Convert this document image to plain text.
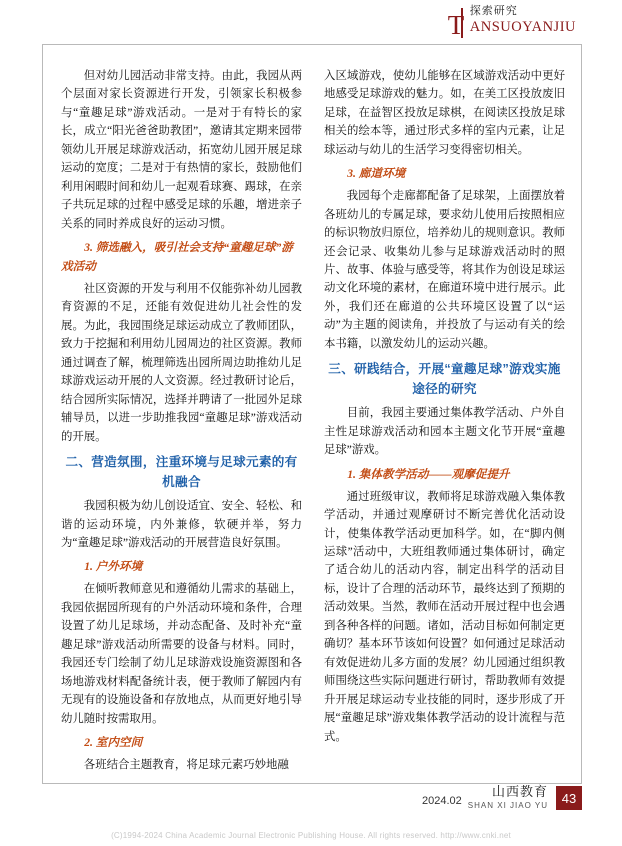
T 探索研究
ANSUOYANJIU

但对幼儿园活动非常支持。由此，我园从两个层面对家长资源进行开发，引领家长积极参与“童趣足球”游戏活动。一是对于有特长的家长，成立“阳光爸爸助教团”，邀请其定期来园带领幼儿开展足球游戏活动，拓宽幼儿园开展足球运动的宽度；二是对于有热情的家长，鼓励他们利用闲暇时间和幼儿一起观看球赛、踢球，在亲子共玩足球的过程中感受足球的乐趣，增进亲子关系的同时养成良好的运动习惯。

3. 筛选融入，吸引社会支持“童趣足球”游戏活动

社区资源的开发与利用不仅能弥补幼儿园教育资源的不足，还能有效促进幼儿社会性的发展。为此，我园围绕足球运动成立了教师团队，致力于挖掘和利用幼儿园周边的社区资源。教师通过调查了解，梳理筛选出园所周边助推幼儿足球游戏运动开展的人文资源。经过教研讨论后，结合园所实际情况，选择并聘请了一批园外足球辅导员，以进一步助推我园“童趣足球”游戏活动的开展。

二、营造氛围，注重环境与足球元素的有机融合

我园积极为幼儿创设适宜、安全、轻松、和谐的运动环境，内外兼修，软硬并举，努力为“童趣足球”游戏活动的开展营造良好氛围。

1. 户外环境

在倾听教师意见和遵循幼儿需求的基础上，我园依据园所现有的户外活动环境和条件，合理设置了幼儿足球场，并动态配备、及时补充“童趣足球”游戏活动所需要的设备与材料。同时，我园还专门绘制了幼儿足球游戏设施资源图和各场地游戏材料配备统计表，便于教师了解园内有无现有的设施设备和存放地点，从而更好地引导幼儿随时按需取用。

2. 室内空间

各班结合主题教育，将足球元素巧妙地融

入区域游戏，使幼儿能够在区域游戏活动中更好地感受足球游戏的魅力。如，在美工区投放废旧足球，在益智区投放足球棋，在阅读区投放足球相关的绘本等，通过形式多样的室内元素，让足球运动与幼儿的生活学习变得密切相关。

3. 廊道环境

我园每个走廊都配备了足球架，上面摆放着各班幼儿的专属足球，要求幼儿使用后按照相应的标识物放归原位，培养幼儿的规则意识。教师还会记录、收集幼儿参与足球游戏活动时的照片、故事、体验与感受等，将其作为创设足球运动文化环境的素材，在廊道环境中进行展示。此外，我们还在廊道的公共环境区设置了以“运动”为主题的阅读角，并投放了与运动有关的绘本书籍，以激发幼儿的运动兴趣。

三、研践结合，开展“童趣足球”游戏实施途径的研究

目前，我园主要通过集体教学活动、户外自主性足球游戏活动和园本主题文化节开展“童趣足球”游戏。

1. 集体教学活动——观摩促提升

通过班级审议，教师将足球游戏融入集体教学活动，并通过观摩研讨不断完善优化活动设计，使集体教学活动更加科学。如，在“脚内侧运球”活动中，大班组教师通过集体研讨，确定了适合幼儿的活动内容，制定出科学的活动目标，设计了合理的活动环节，最终达到了预期的活动效果。当然，教师在活动开展过程中也会遇到各种各样的问题。诸如，活动目标如何制定更确切？基本环节该如何设置？如何通过足球活动有效促进幼儿多方面的发展？幼儿园通过组织教师围绕这些实际问题进行研讨，帮助教师有效提升开展足球运动专业技能的同时，逐步形成了开展“童趣足球”游戏集体教学活动的设计流程与范式。

2024.02
山西教育
SHAN XI JIAO YU	43
(C)1994-2024 China Academic Journal Electronic Publishing House. All rights reserved. http://www.cnki.net
